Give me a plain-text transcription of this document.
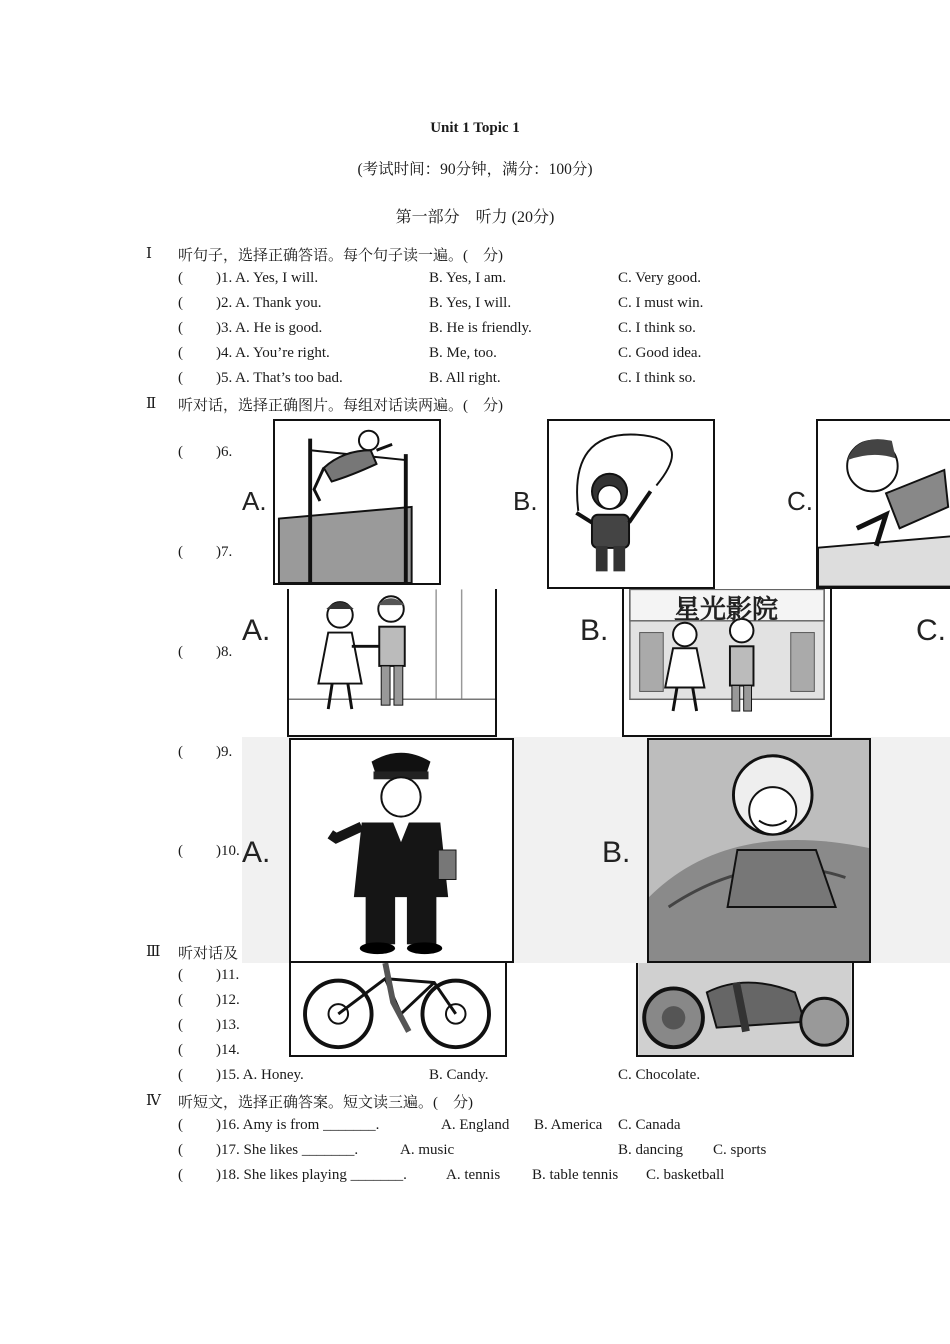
Unit 1 Topic 1
(考试时间：90分钟，满分：100分)
第一部分　听力 (20分)
Ⅰ 听句子，选择正确答语。每个句子读一遍。(　分)
( )1. A. Yes, I will.	B. Yes, I am.	C. Very good.
( )2. A. Thank you.	B. Yes, I will.	C. I must win.
( )3. A. He is good.	B. He is friendly.	C. I think so.
( )4. A. You’re right.	B. Me, too.	C. Good idea.
( )5. A. That’s too bad.	B. All right.	C. I think so.
Ⅱ 听对话，选择正确图片。每组对话读两遍。(　分)
( )6.
( )7.
( )8.
( )9.
( )10.
A.	B.	C.
A.	B.	C.
星光影院
A.	B.
Ⅲ 听对话及
( )11.
( )12.
( )13.
( )14.
( )15. A. Honey.	B. Candy.	C. Chocolate.
Ⅳ 听短文，选择正确答案。短文读三遍。(　分)
( )16. Amy is from _______.	A. England B. America C. Canada
( )17. She likes _______.	A. music	B. dancing C. sports
( )18. She likes playing _______.	A. tennis B. table tennis C. basketball
